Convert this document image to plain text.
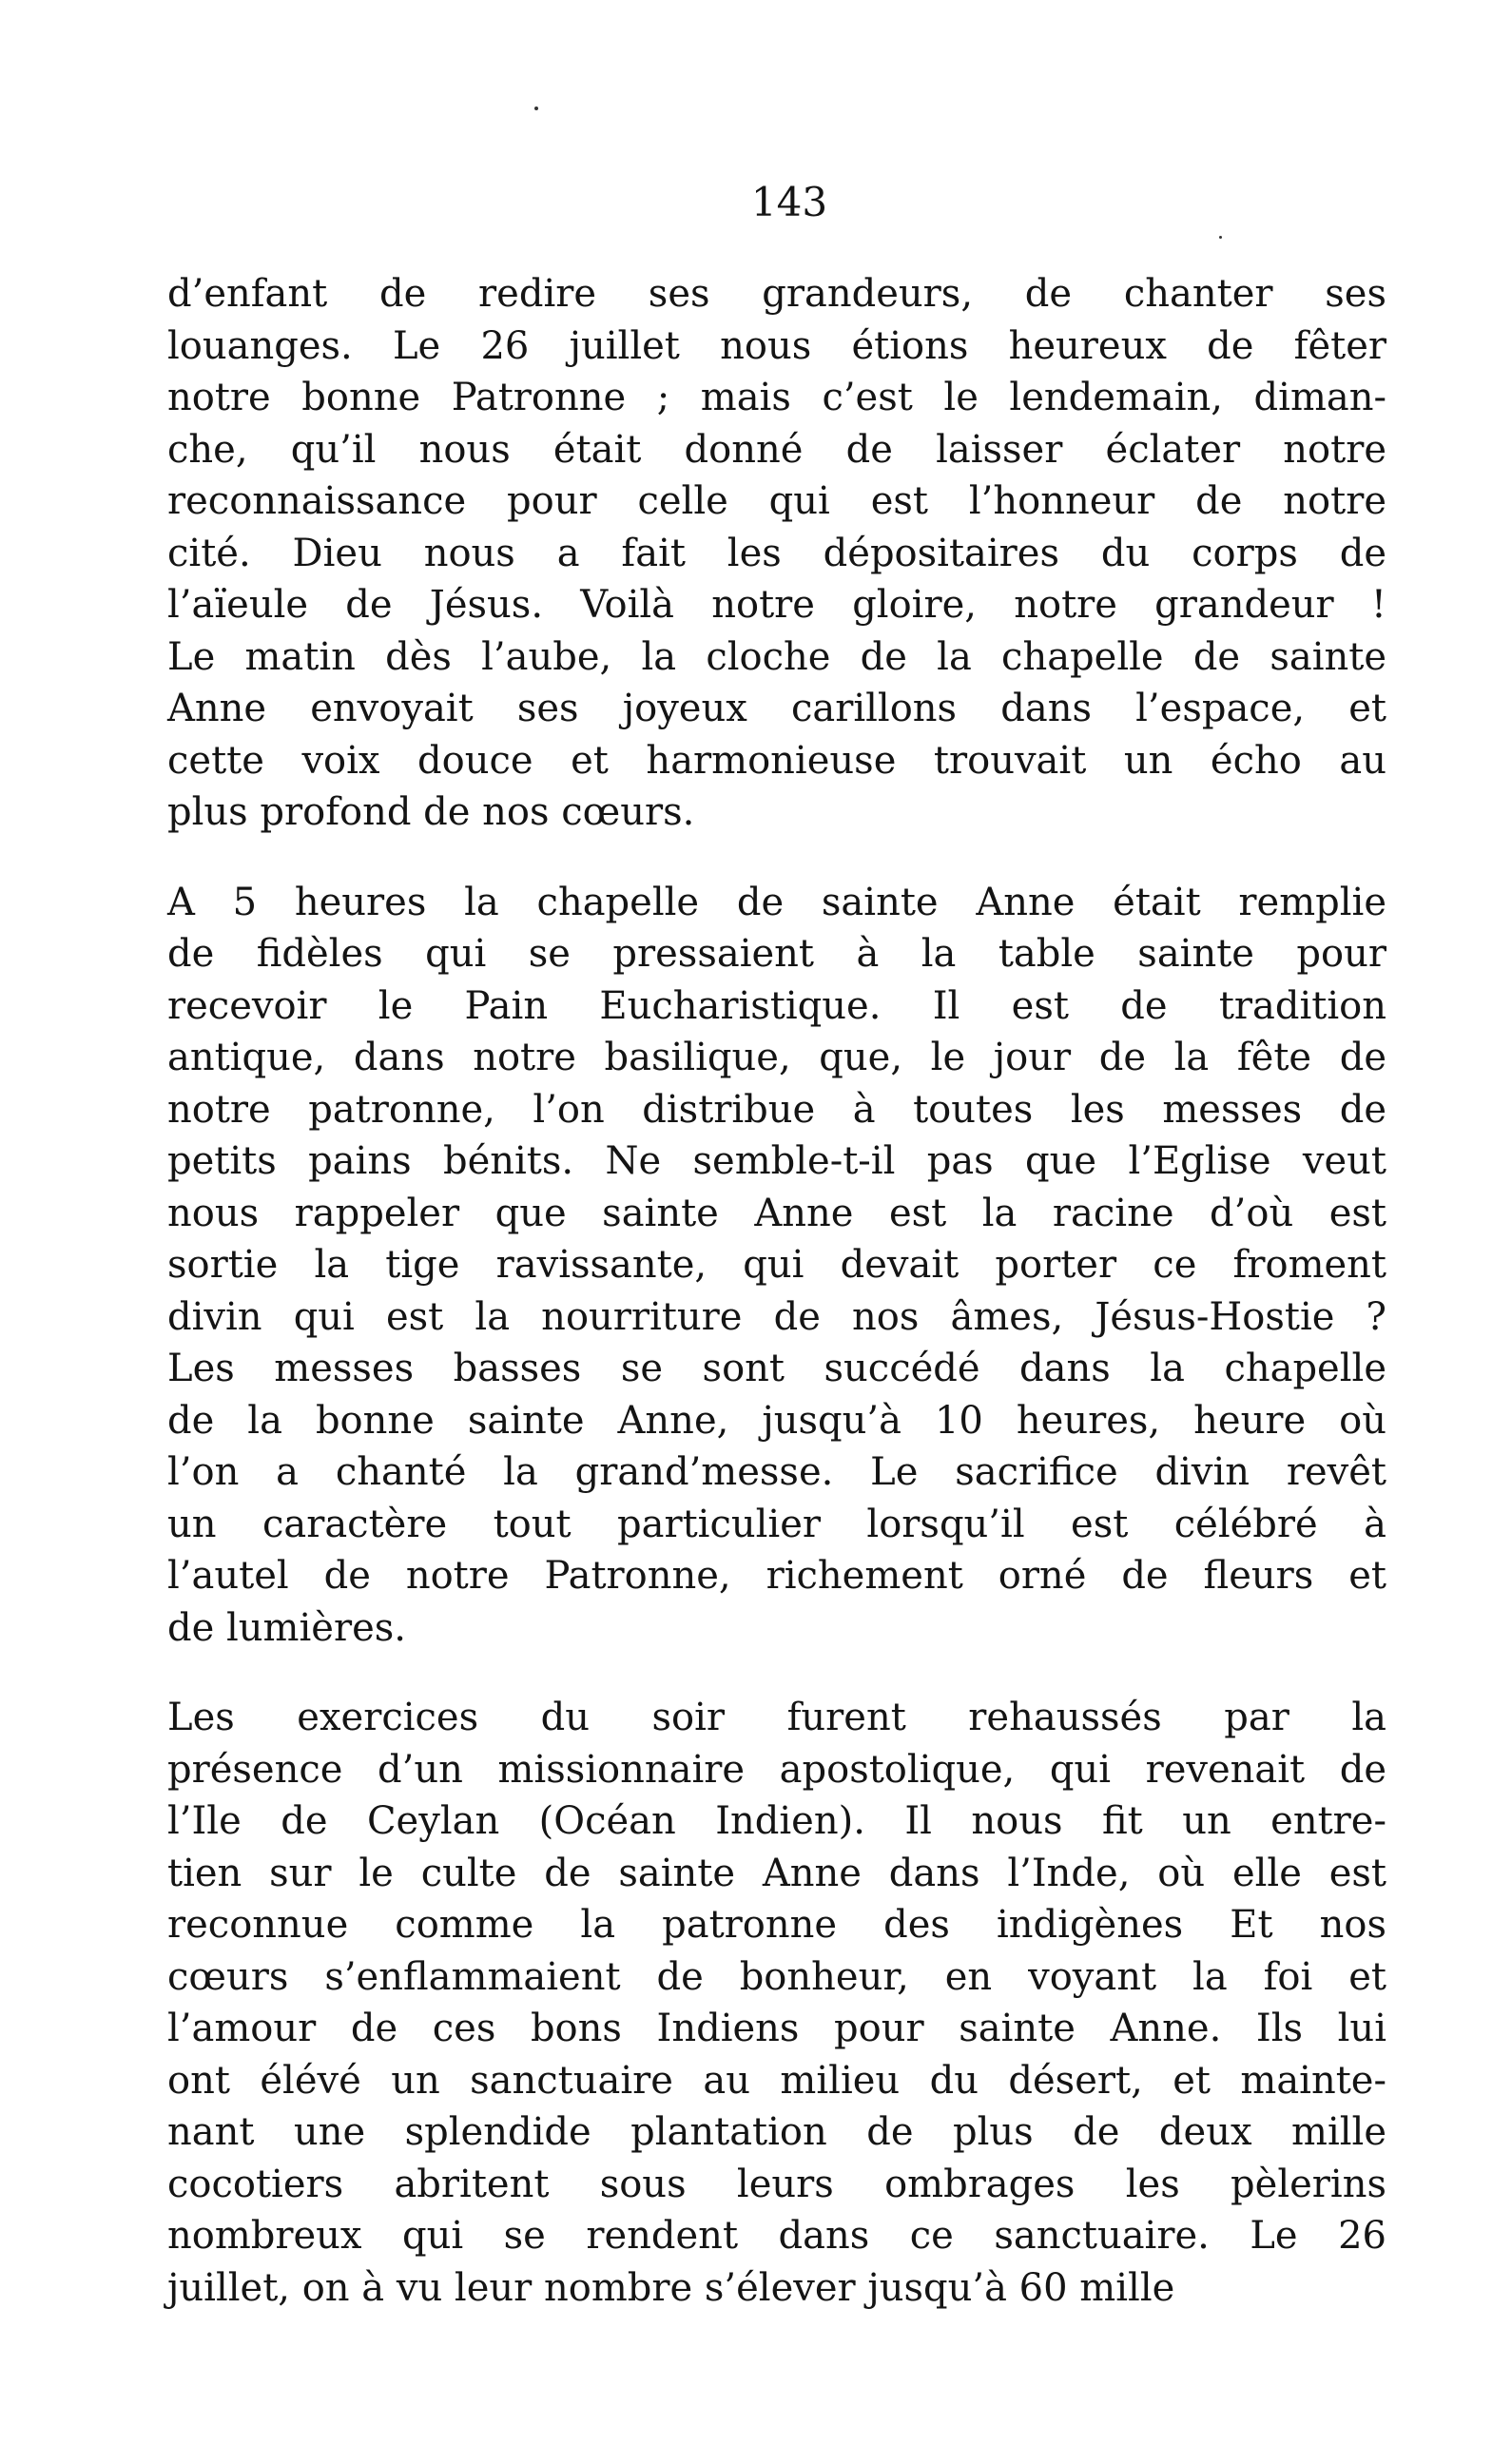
143
d’enfant de redire ses grandeurs, de chanter ses
louanges. Le 26 juillet nous étions heureux de fêter
notre bonne Patronne ; mais c’est le lendemain, diman-
che, qu’il nous était donné de laisser éclater notre
reconnaissance pour celle qui est l’honneur de notre
cité. Dieu nous a fait les dépositaires du corps de
l’aïeule de Jésus. Voilà notre gloire, notre grandeur !
Le matin dès l’aube, la cloche de la chapelle de sainte
Anne envoyait ses joyeux carillons dans l’espace, et
cette voix douce et harmonieuse trouvait un écho au
plus profond de nos cœurs.
A 5 heures la chapelle de sainte Anne était remplie
de fidèles qui se pressaient à la table sainte pour
recevoir le Pain Eucharistique. Il est de tradition
antique, dans notre basilique, que, le jour de la fête de
notre patronne, l’on distribue à toutes les messes de
petits pains bénits. Ne semble-t-il pas que l’Eglise veut
nous rappeler que sainte Anne est la racine d’où est
sortie la tige ravissante, qui devait porter ce froment
divin qui est la nourriture de nos âmes, Jésus-Hostie ?
Les messes basses se sont succédé dans la chapelle
de la bonne sainte Anne, jusqu’à 10 heures, heure où
l’on a chanté la grand’messe. Le sacrifice divin revêt
un caractère tout particulier lorsqu’il est célébré à
l’autel de notre Patronne, richement orné de fleurs et
de lumières.
Les exercices du soir furent rehaussés par la
présence d’un missionnaire apostolique, qui revenait de
l’Ile de Ceylan (Océan Indien). Il nous fit un entre-
tien sur le culte de sainte Anne dans l’Inde, où elle est
reconnue comme la patronne des indigènes Et nos
cœurs s’enflammaient de bonheur, en voyant la foi et
l’amour de ces bons Indiens pour sainte Anne. Ils lui
ont élévé un sanctuaire au milieu du désert, et mainte-
nant une splendide plantation de plus de deux mille
cocotiers abritent sous leurs ombrages les pèlerins
nombreux qui se rendent dans ce sanctuaire. Le 26
juillet, on à vu leur nombre s’élever jusqu’à 60 mille
